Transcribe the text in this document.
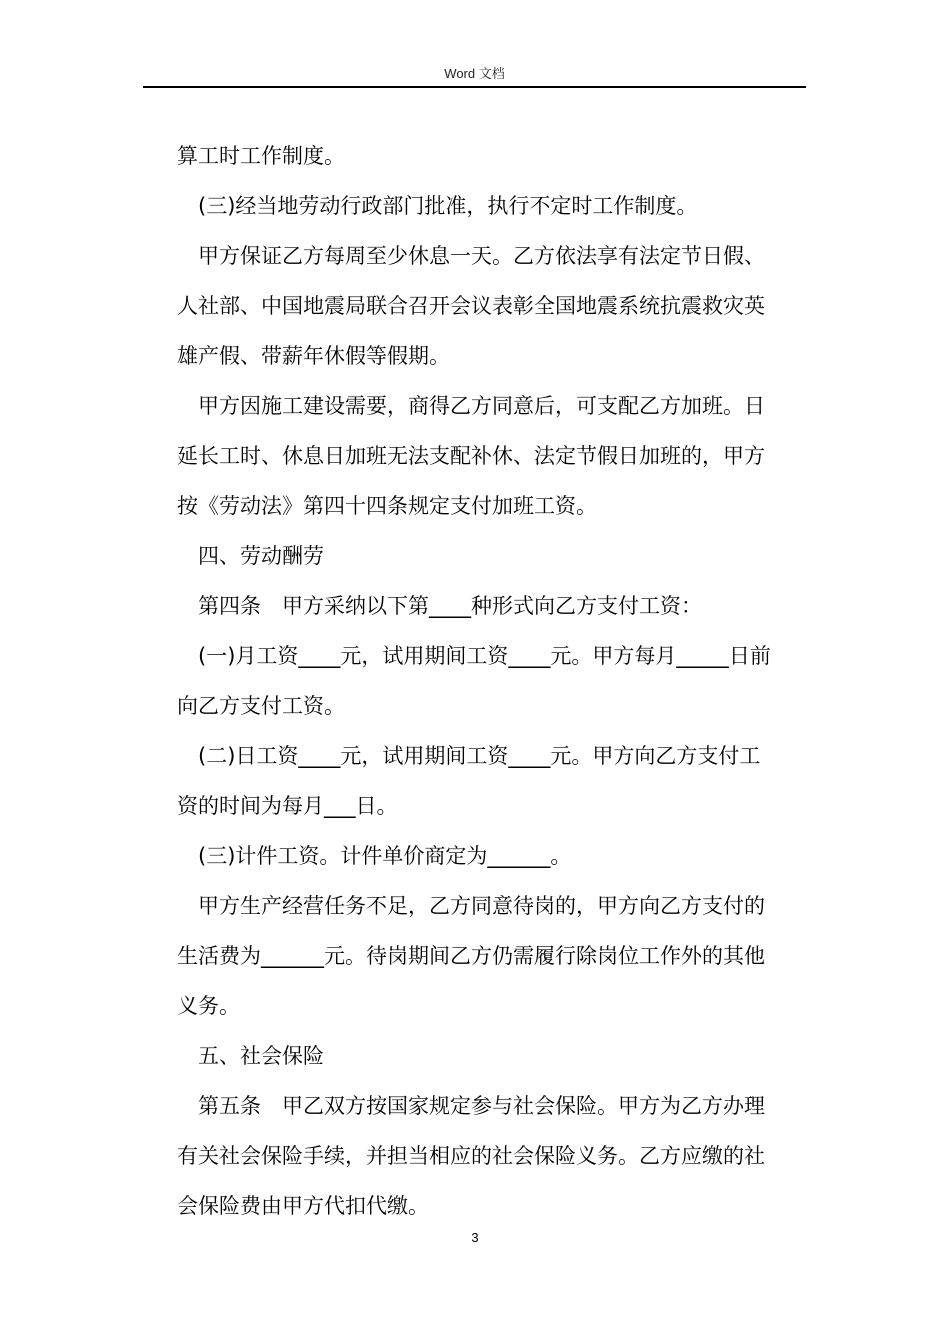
Word 文档
算工时工作制度。
(三)经当地劳动行政部门批准，执行不定时工作制度。
甲方保证乙方每周至少休息一天。乙方依法享有法定节日假、
人社部、中国地震局联合召开会议表彰全国地震系统抗震救灾英
雄产假、带薪年休假等假期。
甲方因施工建设需要，商得乙方同意后，可支配乙方加班。日
延长工时、休息日加班无法支配补休、法定节假日加班的，甲方
按《劳动法》第四十四条规定支付加班工资。
四、劳动酬劳
第四条　甲方采纳以下第____种形式向乙方支付工资：
(一)月工资____元，试用期间工资____元。甲方每月_____日前
向乙方支付工资。
(二)日工资____元，试用期间工资____元。甲方向乙方支付工
资的时间为每月___日。
(三)计件工资。计件单价商定为______。
甲方生产经营任务不足，乙方同意待岗的，甲方向乙方支付的
生活费为______元。待岗期间乙方仍需履行除岗位工作外的其他
义务。
五、社会保险
第五条　甲乙双方按国家规定参与社会保险。甲方为乙方办理
有关社会保险手续，并担当相应的社会保险义务。乙方应缴的社
会保险费由甲方代扣代缴。
3
